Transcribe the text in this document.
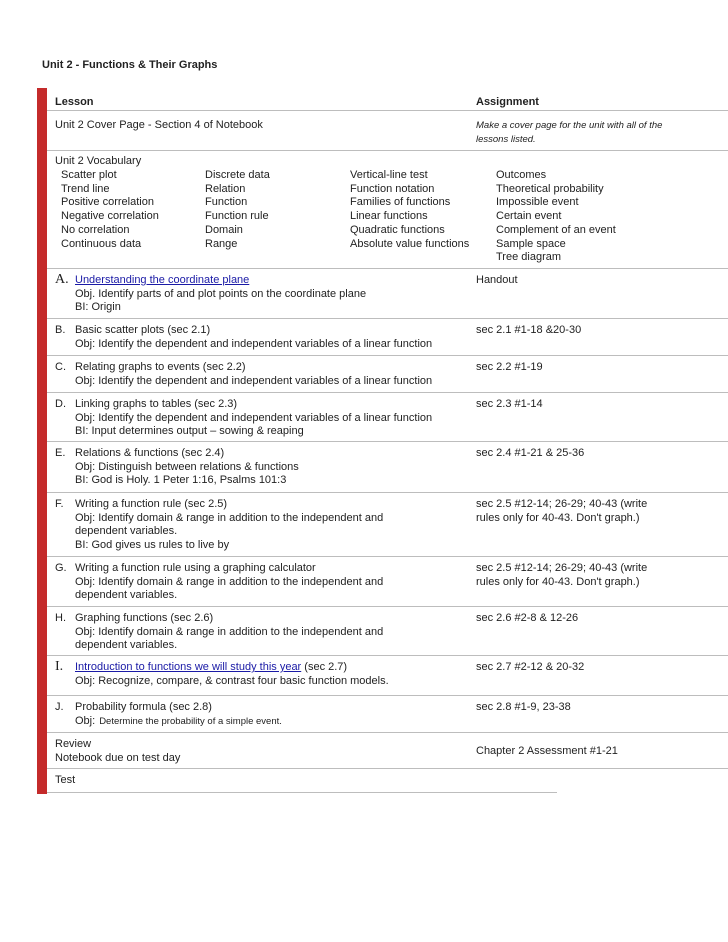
Unit 2 - Functions & Their Graphs
Lesson	Assignment
Unit 2 Cover Page - Section 4 of Notebook	Make a cover page for the unit with all of the
lessons listed.
Unit 2 Vocabulary
Scatter plot
Trend line
Positive correlation
Negative correlation
No correlation
Continuous data
Discrete data
Relation
Function
Function rule
Domain
Range
Vertical-line test
Function notation
Families of functions
Linear functions
Quadratic functions
Absolute value functions
Outcomes
Theoretical probability
Impossible event
Certain event
Complement of an event
Sample space
Tree diagram
A. Understanding the coordinate plane
Obj. Identify parts of and plot points on the coordinate plane
BI: Origin
Handout
B. Basic scatter plots (sec 2.1)
Obj: Identify the dependent and independent variables of a linear function
sec 2.1 #1-18 &20-30
C. Relating graphs to events (sec 2.2)
Obj: Identify the dependent and independent variables of a linear function
sec 2.2 #1-19
D. Linking graphs to tables (sec 2.3)
Obj: Identify the dependent and independent variables of a linear function
BI: Input determines output – sowing & reaping
sec 2.3 #1-14
E. Relations & functions (sec 2.4)
Obj: Distinguish between relations & functions
BI: God is Holy. 1 Peter 1:16, Psalms 101:3
sec 2.4 #1-21 & 25-36
F. Writing a function rule (sec 2.5)
Obj: Identify domain & range in addition to the independent and
dependent variables.
BI: God gives us rules to live by
sec 2.5 #12-14; 26-29; 40-43 (write
rules only for 40-43. Don't graph.)
G. Writing a function rule using a graphing calculator
Obj: Identify domain & range in addition to the independent and
dependent variables.
sec 2.5 #12-14; 26-29; 40-43 (write
rules only for 40-43. Don't graph.)
H. Graphing functions (sec 2.6)
Obj: Identify domain & range in addition to the independent and
dependent variables.
sec 2.6 #2-8 & 12-26
I. Introduction to functions we will study this year (sec 2.7)
Obj: Recognize, compare, & contrast four basic function models.
sec 2.7 #2-12 & 20-32
J. Probability formula (sec 2.8)
Obj: Determine the probability of a simple event.
sec 2.8 #1-9, 23-38
Review
Notebook due on test day
Chapter 2 Assessment #1-21
Test
